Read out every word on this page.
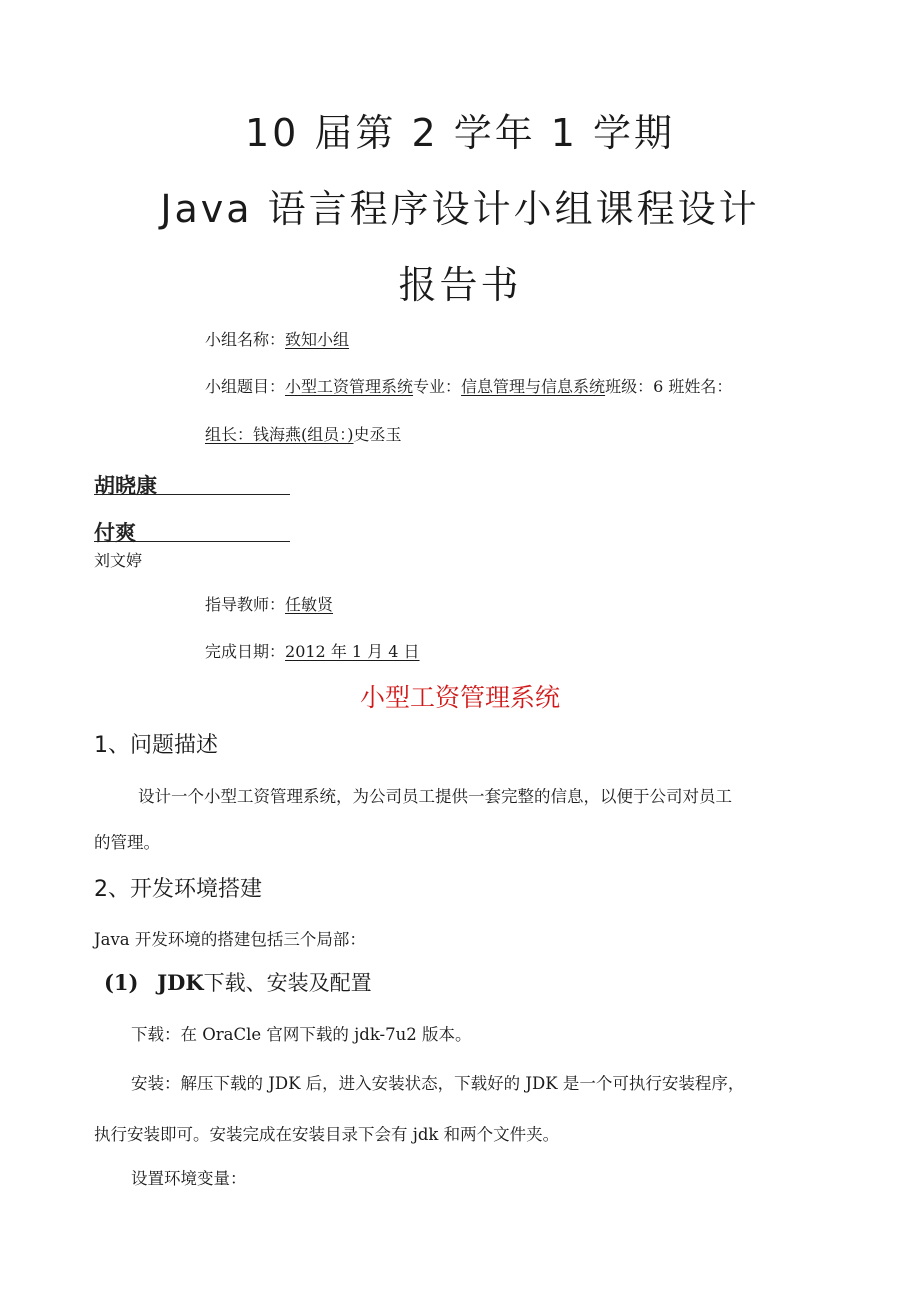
10 届第 2 学年 1 学期
Java 语言程序设计小组课程设计
报告书
小组名称：致知小组
小组题目：小型工资管理系统专业：信息管理与信息系统班级：6 班姓名：
组长：钱海燕(组员：)史丞玉
胡晓康
付爽
刘文婷
指导教师：任敏贤
完成日期：2012 年 1 月 4 日
小型工资管理系统
1、问题描述
设计一个小型工资管理系统，为公司员工提供一套完整的信息，以便于公司对员工
的管理。
2、开发环境搭建
Java 开发环境的搭建包括三个局部：
(1) JDK下载、安装及配置
下载：在 OraCle 官网下载的 jdk-7u2 版本。
安装：解压下载的 JDK 后，进入安装状态，下载好的 JDK 是一个可执行安装程序，
执行安装即可。安装完成在安装目录下会有 jdk 和两个文件夹。
设置环境变量：
